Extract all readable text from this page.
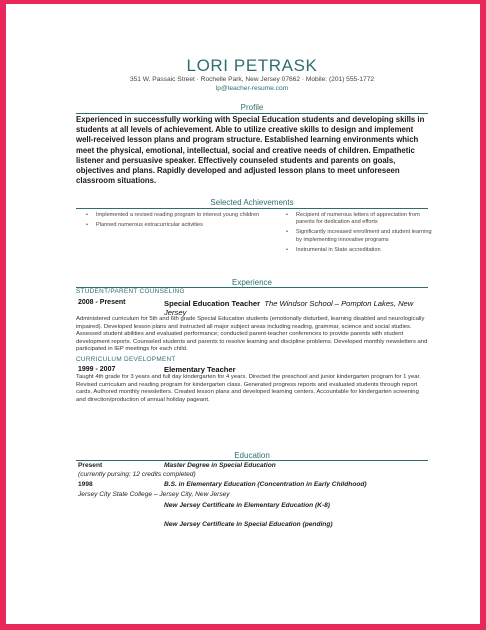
LORI PETRASK
351 W. Passaic Street · Rochelle Park, New Jersey 07662 · Mobile: (201) 555-1772
lp@teacher-resume.com
Profile
Experienced in successfully working with Special Education students and developing skills in students at all levels of achievement. Able to utilize creative skills to design and implement well-received lesson plans and program structure. Established learning environments which meet the physical, emotional, intellectual, social and creative needs of children. Empathetic listener and persuasive speaker. Effectively counseled students and parents on goals, objectives and plans. Rapidly developed and adjusted lesson plans to meet unforeseen classroom situations.
Selected Achievements
• Implemented a revised reading program to interest young children
• Planned numerous extracurricular activities
• Recipient of numerous letters of appreciation from parents for dedication and efforts
• Significantly increased enrollment and student learning by implementing innovative programs
• Instrumental in State accreditation
Experience
STUDENT/PARENT COUNSELING
2008 - Present	Special Education Teacher The Windsor School – Pompton Lakes, New
Jersey
Administered curriculum for 5th and 6th grade Special Education students (emotionally disturbed, learning disabled and neurologically impaired). Developed lesson plans and instructed all major subject areas including reading, grammar, science and social studies. Assessed student abilities and evaluated performance; conducted parent-teacher conferences to provide parents with student development reports. Counseled students and parents to resolve learning and discipline problems. Developed monthly newsletters and participated in IEP meetings for each child.
CURRICULUM DEVELOPMENT
1999 - 2007	Elementary Teacher
Taught 4th grade for 3 years and full day kindergarten for 4 years. Directed the preschool and junior kindergarten program for 1 year. Revised curriculum and reading program for kindergarten class. Generated progress reports and evaluated students through report cards. Authored monthly newsletters. Created lesson plans and developed learning centers. Accountable for kindergarten screening and direction/production of annual holiday pageant.
Education
Present	Master Degree in Special Education
(currently pursing: 12 credits completed)
1998	B.S. in Elementary Education (Concentration in Early Childhood)
Jersey City State College – Jersey City, New Jersey
New Jersey Certificate in Elementary Education (K-8)
New Jersey Certificate in Special Education (pending)
